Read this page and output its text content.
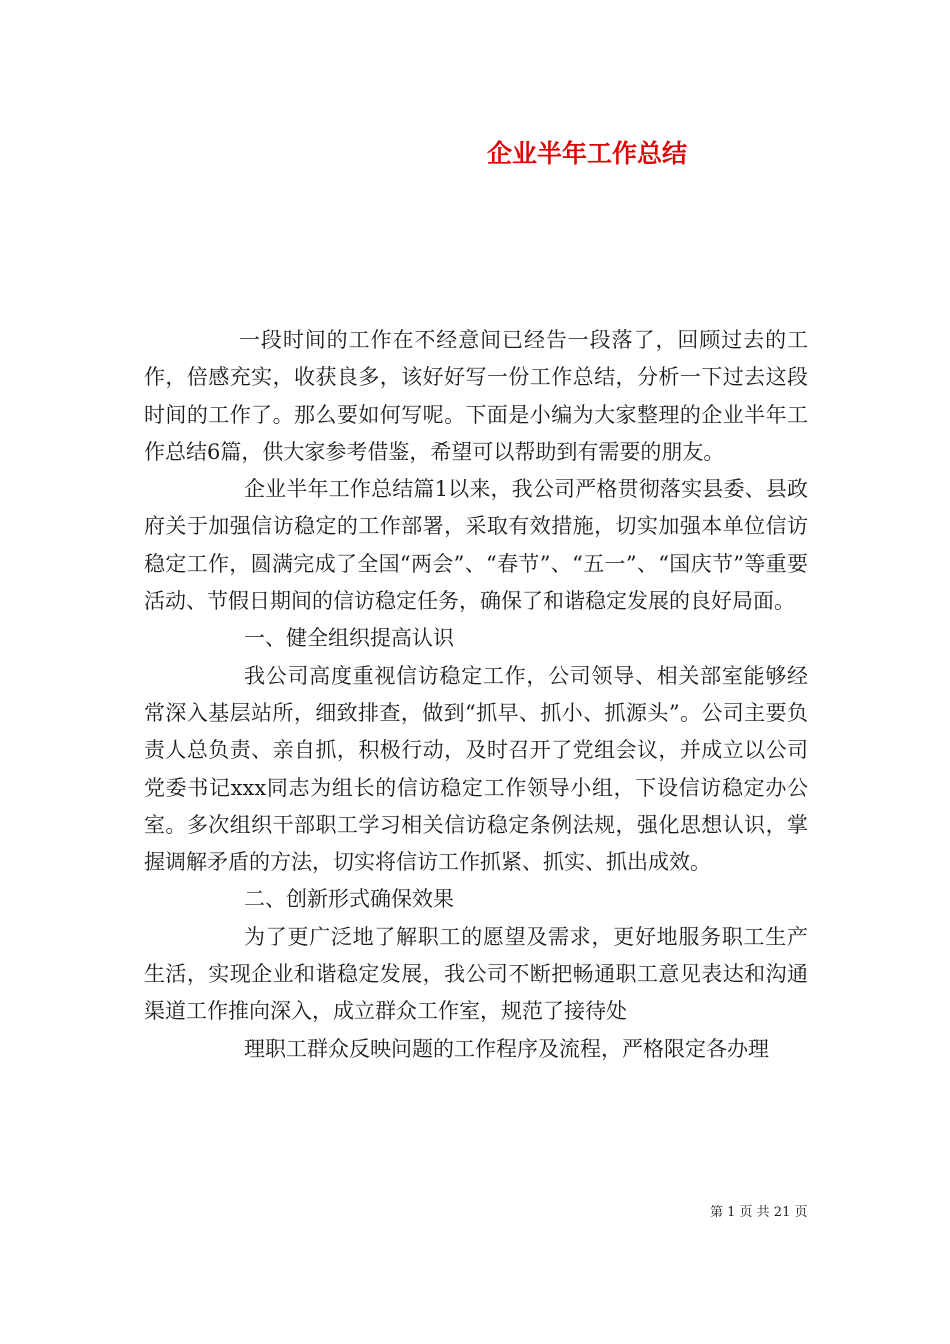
企业半年工作总结

一段时间的工作在不经意间已经告一段落了，回顾过去的工作，倍感充实，收获良多，该好好写一份工作总结，分析一下过去这段时间的工作了。那么要如何写呢。下面是小编为大家整理的企业半年工作总结6篇，供大家参考借鉴，希望可以帮助到有需要的朋友。

企业半年工作总结篇1以来，我公司严格贯彻落实县委、县政府关于加强信访稳定的工作部署，采取有效措施，切实加强本单位信访稳定工作，圆满完成了全国“两会”、“春节”、“五一”、“国庆节”等重要活动、节假日期间的信访稳定任务，确保了和谐稳定发展的良好局面。

一、健全组织提高认识

我公司高度重视信访稳定工作，公司领导、相关部室能够经常深入基层站所，细致排查，做到“抓早、抓小、抓源头”。公司主要负责人总负责、亲自抓，积极行动，及时召开了党组会议，并成立以公司党委书记xxx同志为组长的信访稳定工作领导小组，下设信访稳定办公室。多次组织干部职工学习相关信访稳定条例法规，强化思想认识，掌握调解矛盾的方法，切实将信访工作抓紧、抓实、抓出成效。

二、创新形式确保效果

为了更广泛地了解职工的愿望及需求，更好地服务职工生产生活，实现企业和谐稳定发展，我公司不断把畅通职工意见表达和沟通渠道工作推向深入，成立群众工作室，规范了接待处

理职工群众反映问题的工作程序及流程，严格限定各办理

第 1 页 共 21 页
